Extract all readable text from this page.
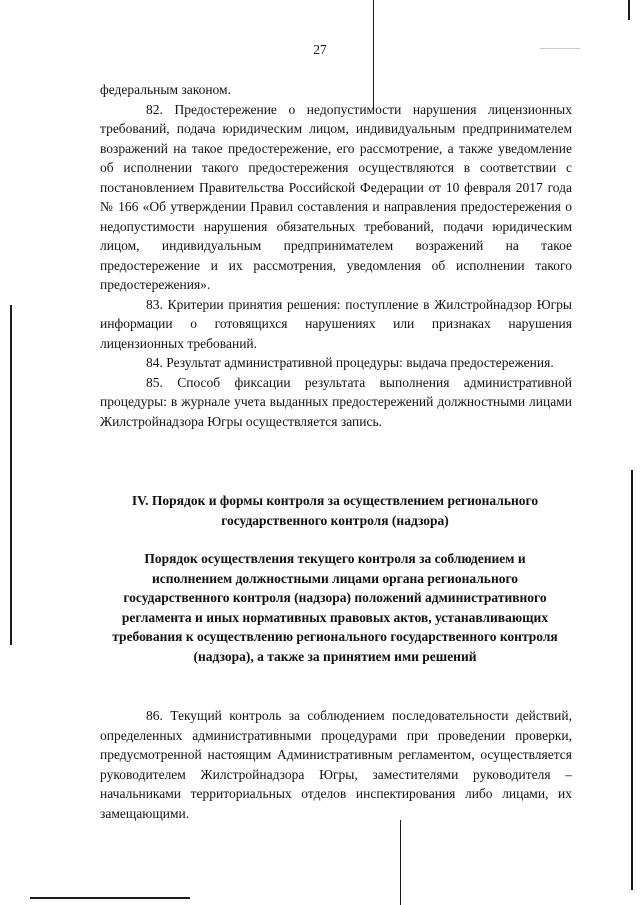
27

федеральным законом.

82. Предостережение о недопустимости нарушения лицензионных требований, подача юридическим лицом, индивидуальным предпринимателем возражений на такое предостережение, его рассмотрение, а также уведомление об исполнении такого предостережения осуществляются в соответствии с постановлением Правительства Российской Федерации от 10 февраля 2017 года № 166 «Об утверждении Правил составления и направления предостережения о недопустимости нарушения обязательных требований, подачи юридическим лицом, индивидуальным предпринимателем возражений на такое предостережение и их рассмотрения, уведомления об исполнении такого предостережения».

83. Критерии принятия решения: поступление в Жилстройнадзор Югры информации о готовящихся нарушениях или признаках нарушения лицензионных требований.

84. Результат административной процедуры: выдача предостережения.

85. Способ фиксации результата выполнения административной процедуры: в журнале учета выданных предостережений должностными лицами Жилстройнадзора Югры осуществляется запись.

IV. Порядок и формы контроля за осуществлением регионального государственного контроля (надзора)

Порядок осуществления текущего контроля за соблюдением и исполнением должностными лицами органа регионального государственного контроля (надзора) положений административного регламента и иных нормативных правовых актов, устанавливающих требования к осуществлению регионального государственного контроля (надзора), а также за принятием ими решений

86. Текущий контроль за соблюдением последовательности действий, определенных административными процедурами при проведении проверки, предусмотренной настоящим Административным регламентом, осуществляется руководителем Жилстройнадзора Югры, заместителями руководителя – начальниками территориальных отделов инспектирования либо лицами, их замещающими.
